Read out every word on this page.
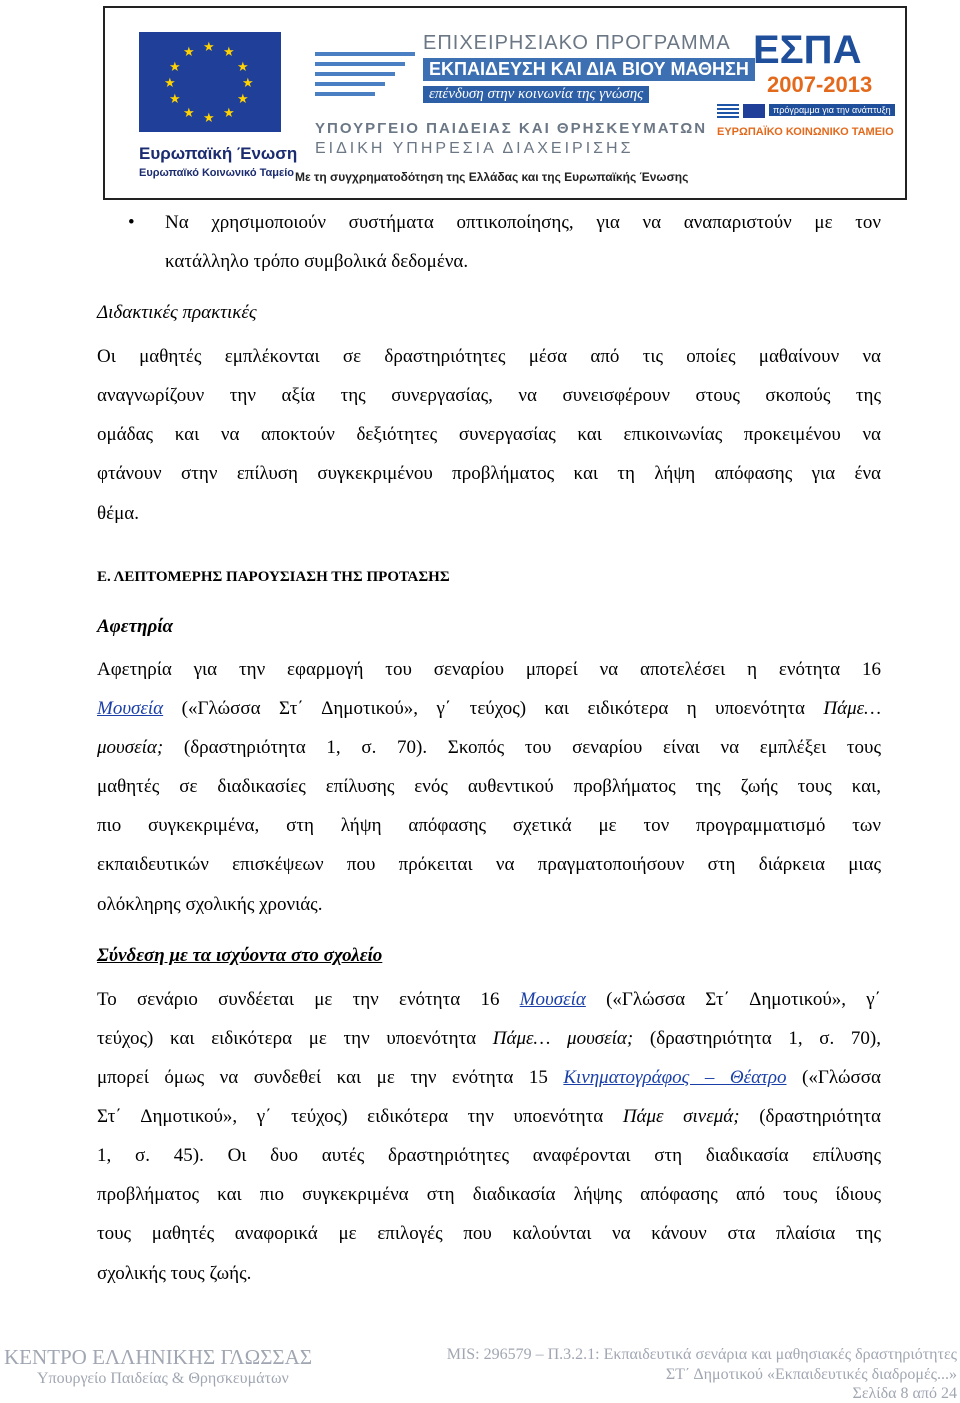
★ ★
★
★
★
★
★
★
★
★
★
★
Ευρωπαϊκή Ένωση
Ευρωπαϊκό Κοινωνικό Ταμείο
ΕΠΙΧΕΙΡΗΣΙΑΚΟ ΠΡΟΓΡΑΜΜΑ
ΕΚΠΑΙΔΕΥΣΗ ΚΑΙ ΔΙΑ ΒΙΟΥ ΜΑΘΗΣΗ
επένδυση στην κοινωνία της γνώσης
ΥΠΟΥΡΓΕΙΟ ΠΑΙΔΕΙΑΣ ΚΑΙ ΘΡΗΣΚΕΥΜΑΤΩΝ
ΕΙΔΙΚΗ ΥΠΗΡΕΣΙΑ ΔΙΑΧΕΙΡΙΣΗΣ
Με τη συγχρηματοδότηση της Ελλάδας και της Ευρωπαϊκής Ένωσης
ΕΣΠΑ
2007-2013
πρόγραμμα για την ανάπτυξη
ΕΥΡΩΠΑΪΚΟ ΚΟΙΝΩΝΙΚΟ ΤΑΜΕΙΟ
• Να χρησιμοποιούν συστήματα οπτικοποίησης, για να αναπαριστούν με τον
κατάλληλο τρόπο συμβολικά δεδομένα.
Διδακτικές πρακτικές
Οι μαθητές εμπλέκονται σε δραστηριότητες μέσα από τις οποίες μαθαίνουν να
αναγνωρίζουν την αξία της συνεργασίας, να συνεισφέρουν στους σκοπούς της
ομάδας και να αποκτούν δεξιότητες συνεργασίας και επικοινωνίας προκειμένου να
φτάνουν στην επίλυση συγκεκριμένου προβλήματος και τη λήψη απόφασης για ένα
θέμα.
Ε. ΛΕΠΤΟΜΕΡΗΣ ΠΑΡΟΥΣΙΑΣΗ ΤΗΣ ΠΡΟΤΑΣΗΣ
Αφετηρία
Αφετηρία για την εφαρμογή του σεναρίου μπορεί να αποτελέσει η ενότητα 16
Μουσεία («Γλώσσα Στ΄ Δημοτικού», γ΄ τεύχος) και ειδικότερα η υποενότητα Πάμε…
μουσεία; (δραστηριότητα 1, σ. 70). Σκοπός του σεναρίου είναι να εμπλέξει τους
μαθητές σε διαδικασίες επίλυσης ενός αυθεντικού προβλήματος της ζωής τους και,
πιο συγκεκριμένα, στη λήψη απόφασης σχετικά με τον προγραμματισμό των
εκπαιδευτικών επισκέψεων που πρόκειται να πραγματοποιήσουν στη διάρκεια μιας
ολόκληρης σχολικής χρονιάς.
Σύνδεση με τα ισχύοντα στο σχολείο
Το σενάριο συνδέεται με την ενότητα 16 Μουσεία («Γλώσσα Στ΄ Δημοτικού», γ΄
τεύχος) και ειδικότερα με την υποενότητα Πάμε… μουσεία; (δραστηριότητα 1, σ. 70),
μπορεί όμως να συνδεθεί και με την ενότητα 15 Κινηματογράφος – Θέατρο («Γλώσσα
Στ΄ Δημοτικού», γ΄ τεύχος) ειδικότερα την υποενότητα Πάμε σινεμά; (δραστηριότητα
1, σ. 45). Οι δυο αυτές δραστηριότητες αναφέρονται στη διαδικασία επίλυσης
προβλήματος και πιο συγκεκριμένα στη διαδικασία λήψης απόφασης από τους ίδιους
τους μαθητές αναφορικά με επιλογές που καλούνται να κάνουν στα πλαίσια της
σχολικής τους ζωής.
ΚΕΝΤΡΟ ΕΛΛΗΝΙΚΗΣ ΓΛΩΣΣΑΣ
Υπουργείο Παιδείας & Θρησκευμάτων
MIS: 296579 – Π.3.2.1: Εκπαιδευτικά σενάρια και μαθησιακές δραστηριότητες
ΣΤ΄ Δημοτικού «Εκπαιδευτικές διαδρομές...»
Σελίδα 8 από 24
